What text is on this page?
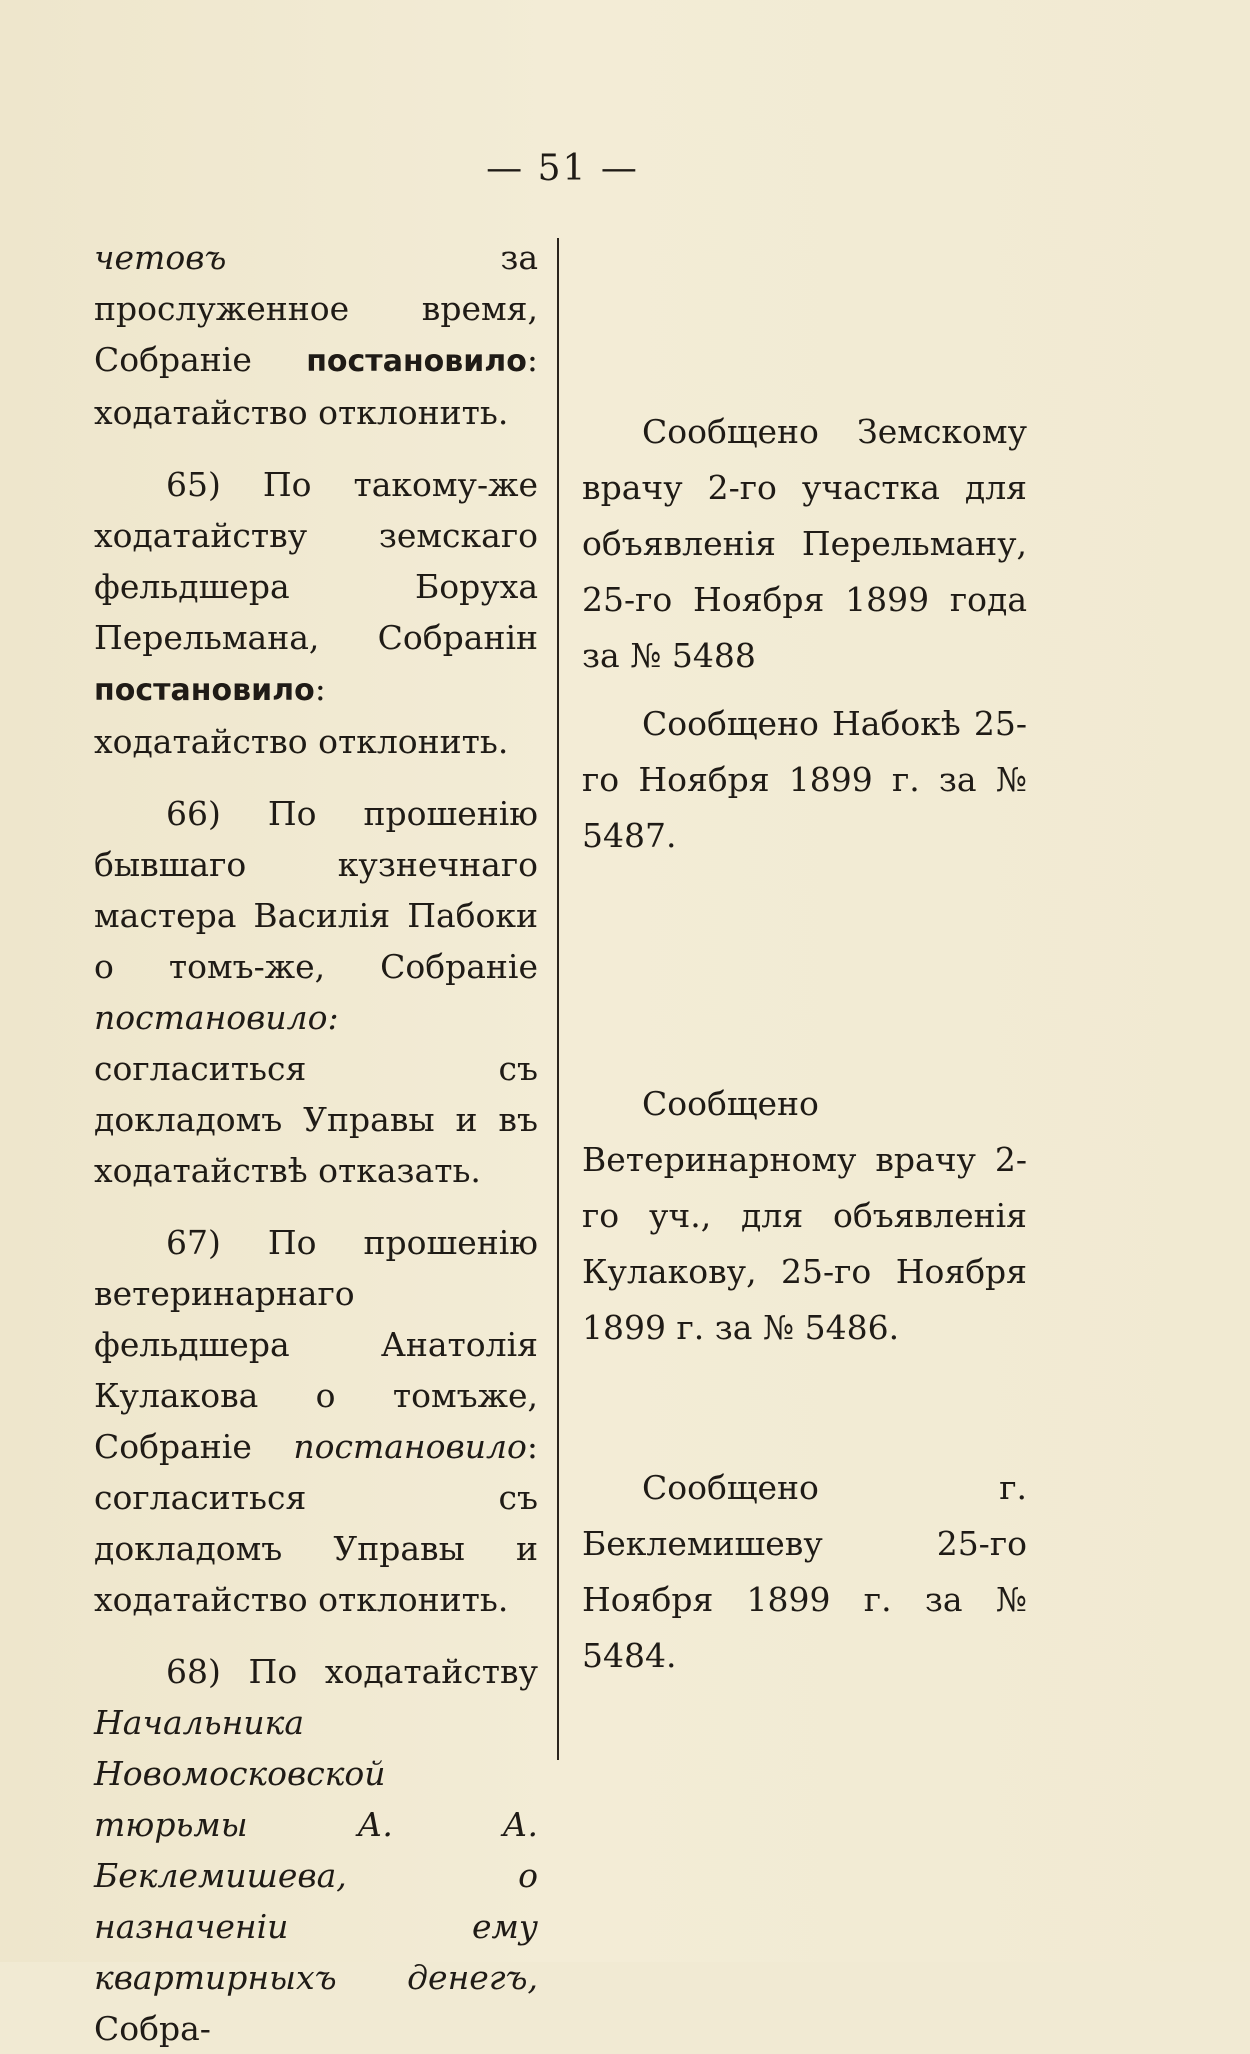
— 51 —

четовъ за прослуженное время, Собраніе постановило: ходатайство отклонить.

65) По такому-же ходатайству земскаго фельдшера Боруха Перельмана, Собранін постановило: ходатайство отклонить.

66) По прошенію бывшаго кузнечнаго мастера Василія Пабоки о томъ-же, Собраніе постановило: согласиться съ докладомъ Управы и въ ходатайствѣ отказать.

67) По прошенію ветеринарнаго фельдшера Анатолія Кулакова о томъже, Собраніе постановило: согласиться съ докладомъ Управы и ходатайство отклонить.

68) По ходатайству Начальника Новомосковской тюрьмы А. А. Беклемишева, о назначеніи ему квартирныхъ денегъ, Собра-

Сообщено Земскому врачу 2-го участка для объявленія Перельману, 25-го Ноября 1899 года за № 5488

Сообщено Набокѣ 25-го Ноября 1899 г. за № 5487.

Сообщено Ветеринарному врачу 2-го уч., для объявленія Кулакову, 25-го Ноября 1899 г. за № 5486.

Сообщено г. Беклемишеву 25-го Ноября 1899 г. за № 5484.
